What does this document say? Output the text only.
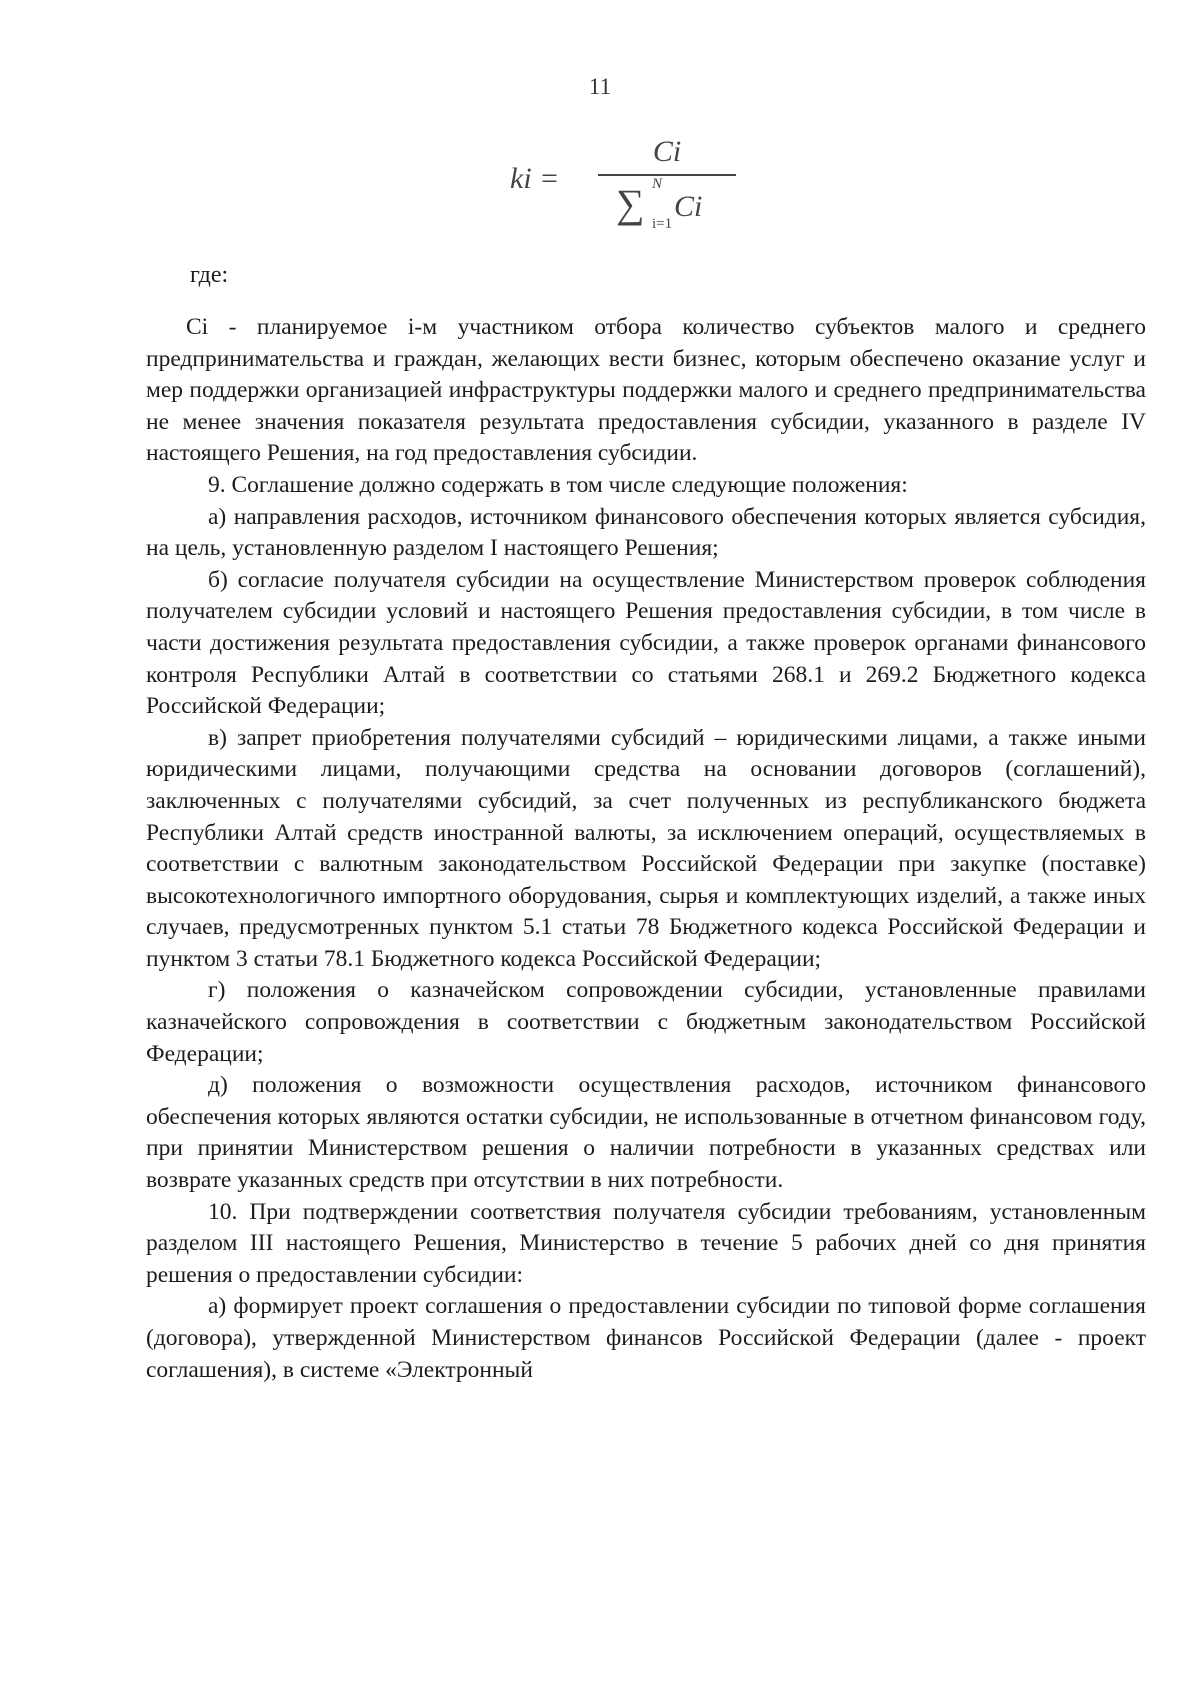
11
ki =
Ci
∑ N
i=1
Ci
где:

Ci - планируемое i-м участником отбора количество субъектов малого и среднего предпринимательства и граждан, желающих вести бизнес, которым обеспечено оказание услуг и мер поддержки организацией инфраструктуры поддержки малого и среднего предпринимательства не менее значения показателя результата предоставления субсидии, указанного в разделе IV настоящего Решения, на год предоставления субсидии.

9. Соглашение должно содержать в том числе следующие положения:

а) направления расходов, источником финансового обеспечения которых является субсидия, на цель, установленную разделом I настоящего Решения;

б) согласие получателя субсидии на осуществление Министерством проверок соблюдения получателем субсидии условий и настоящего Решения предоставления субсидии, в том числе в части достижения результата предоставления субсидии, а также проверок органами финансового контроля Республики Алтай в соответствии со статьями 268.1 и 269.2 Бюджетного кодекса Российской Федерации;

в) запрет приобретения получателями субсидий – юридическими лицами, а также иными юридическими лицами, получающими средства на основании договоров (соглашений), заключенных с получателями субсидий, за счет полученных из республиканского бюджета Республики Алтай средств иностранной валюты, за исключением операций, осуществляемых в соответствии с валютным законодательством Российской Федерации при закупке (поставке) высокотехнологичного импортного оборудования, сырья и комплектующих изделий, а также иных случаев, предусмотренных пунктом 5.1 статьи 78 Бюджетного кодекса Российской Федерации и пунктом 3 статьи 78.1 Бюджетного кодекса Российской Федерации;

г) положения о казначейском сопровождении субсидии, установленные правилами казначейского сопровождения в соответствии с бюджетным законодательством Российской Федерации;

д) положения о возможности осуществления расходов, источником финансового обеспечения которых являются остатки субсидии, не использованные в отчетном финансовом году, при принятии Министерством решения о наличии потребности в указанных средствах или возврате указанных средств при отсутствии в них потребности.

10. При подтверждении соответствия получателя субсидии требованиям, установленным разделом III настоящего Решения, Министерство в течение 5 рабочих дней со дня принятия решения о предоставлении субсидии:

а) формирует проект соглашения о предоставлении субсидии по типовой форме соглашения (договора), утвержденной Министерством финансов Российской Федерации (далее - проект соглашения), в системе «Электронный
